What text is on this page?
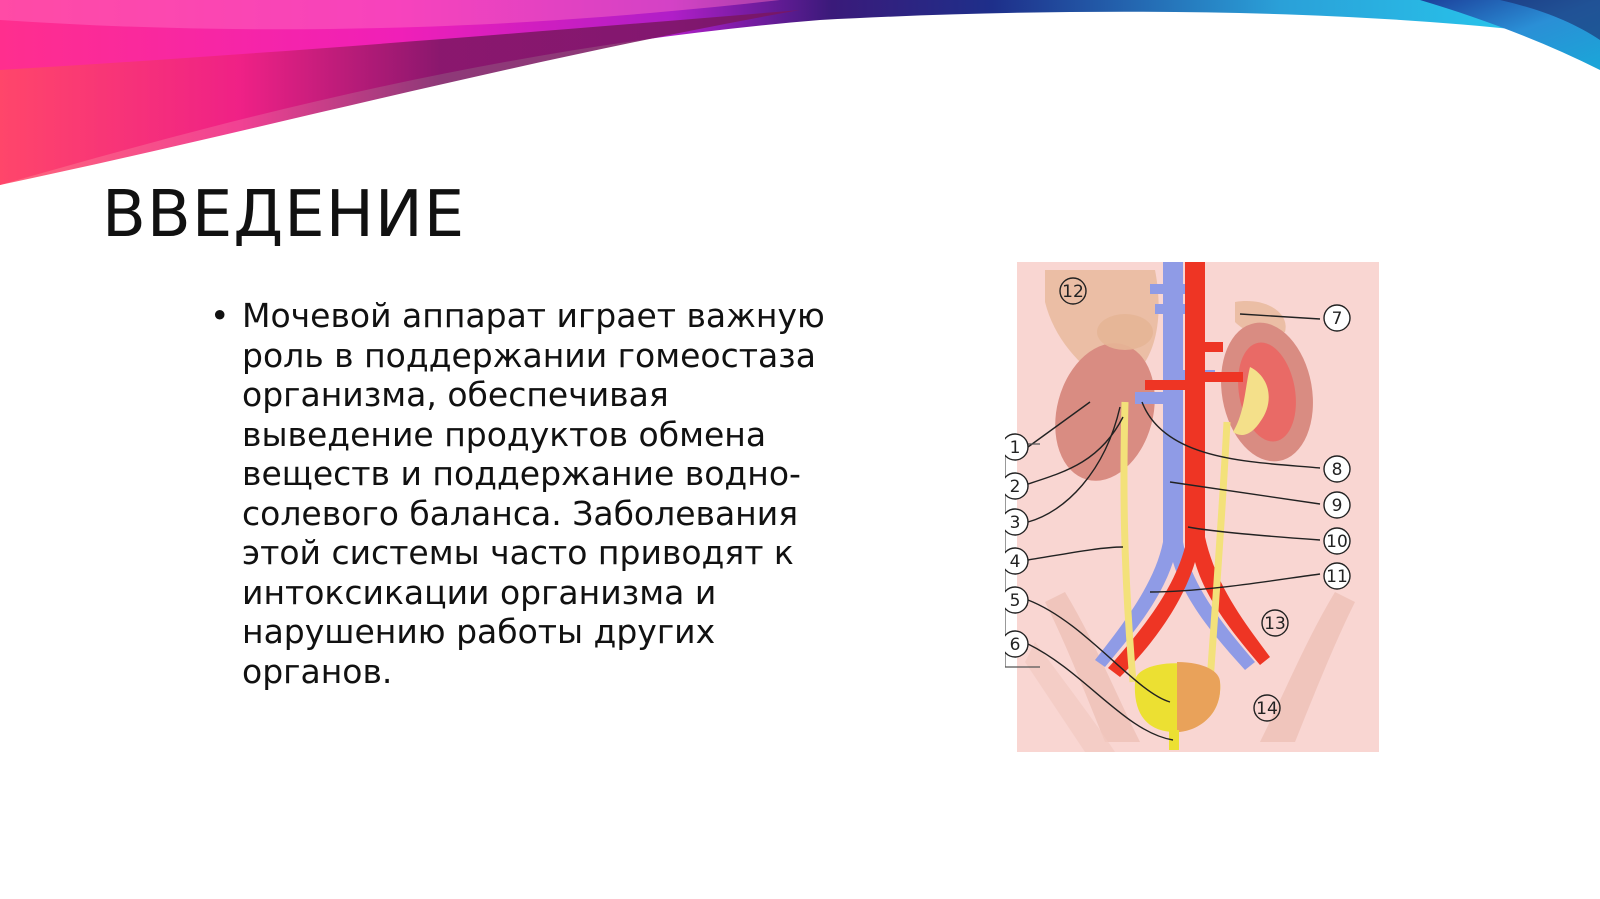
ВВЕДЕНИЕ
• Мочевой аппарат играет важную роль в поддержании гомеостаза организма, обеспечивая выведение продуктов обмена веществ и поддержание водно-солевого баланса. Заболевания этой системы часто приводят к интоксикации организма и нарушению работы других органов.
1
2
3
4
5
6
7
8
9
10
11
12
13
14
